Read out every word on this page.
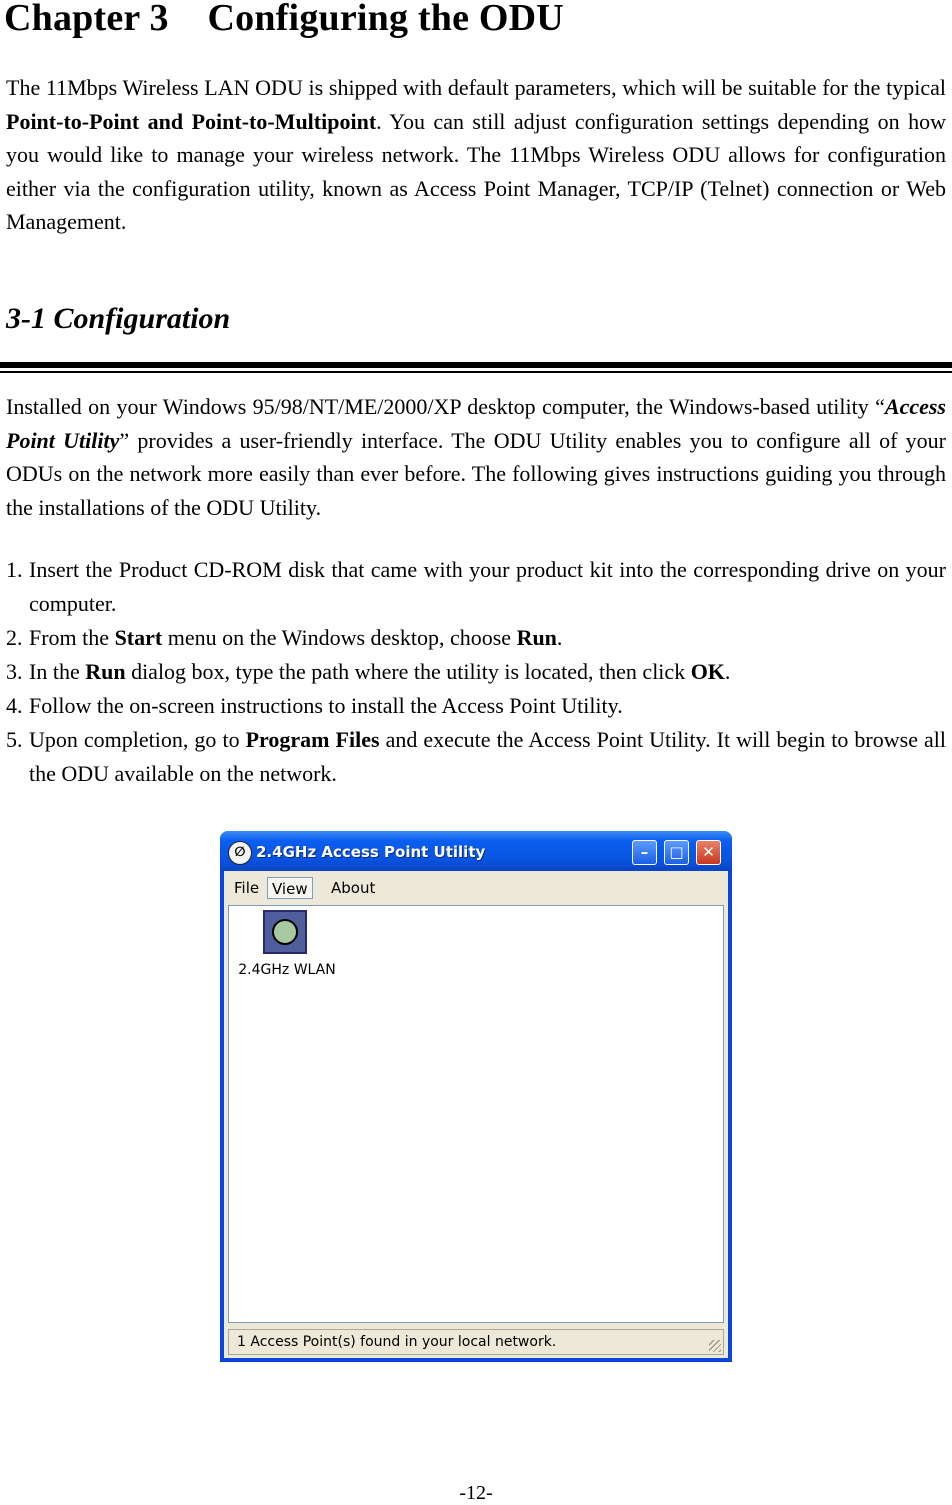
Chapter 3 Configuring the ODU

The 11Mbps Wireless LAN ODU is shipped with default parameters, which will be suitable for the typical Point-to-Point and Point-to-Multipoint. You can still adjust configuration settings depending on how you would like to manage your wireless network. The 11Mbps Wireless ODU allows for configuration either via the configuration utility, known as Access Point Manager, TCP/IP (Telnet) connection or Web Management.

3-1 Configuration

Installed on your Windows 95/98/NT/ME/2000/XP desktop computer, the Windows-based utility “Access Point Utility” provides a user-friendly interface. The ODU Utility enables you to configure all of your ODUs on the network more easily than ever before. The following gives instructions guiding you through the installations of the ODU Utility.

1. Insert the Product CD-ROM disk that came with your product kit into the corresponding drive on your computer.
2. From the Start menu on the Windows desktop, choose Run.
3. In the Run dialog box, type the path where the utility is located, then click OK.
4. Follow the on-screen instructions to install the Access Point Utility.
5. Upon completion, go to Program Files and execute the Access Point Utility. It will begin to browse all the ODU available on the network.
∅ 2.4GHz Access Point Utility	–	□	✕
File View	About
2.4GHz WLAN
1 Access Point(s) found in your local network.
-12-
